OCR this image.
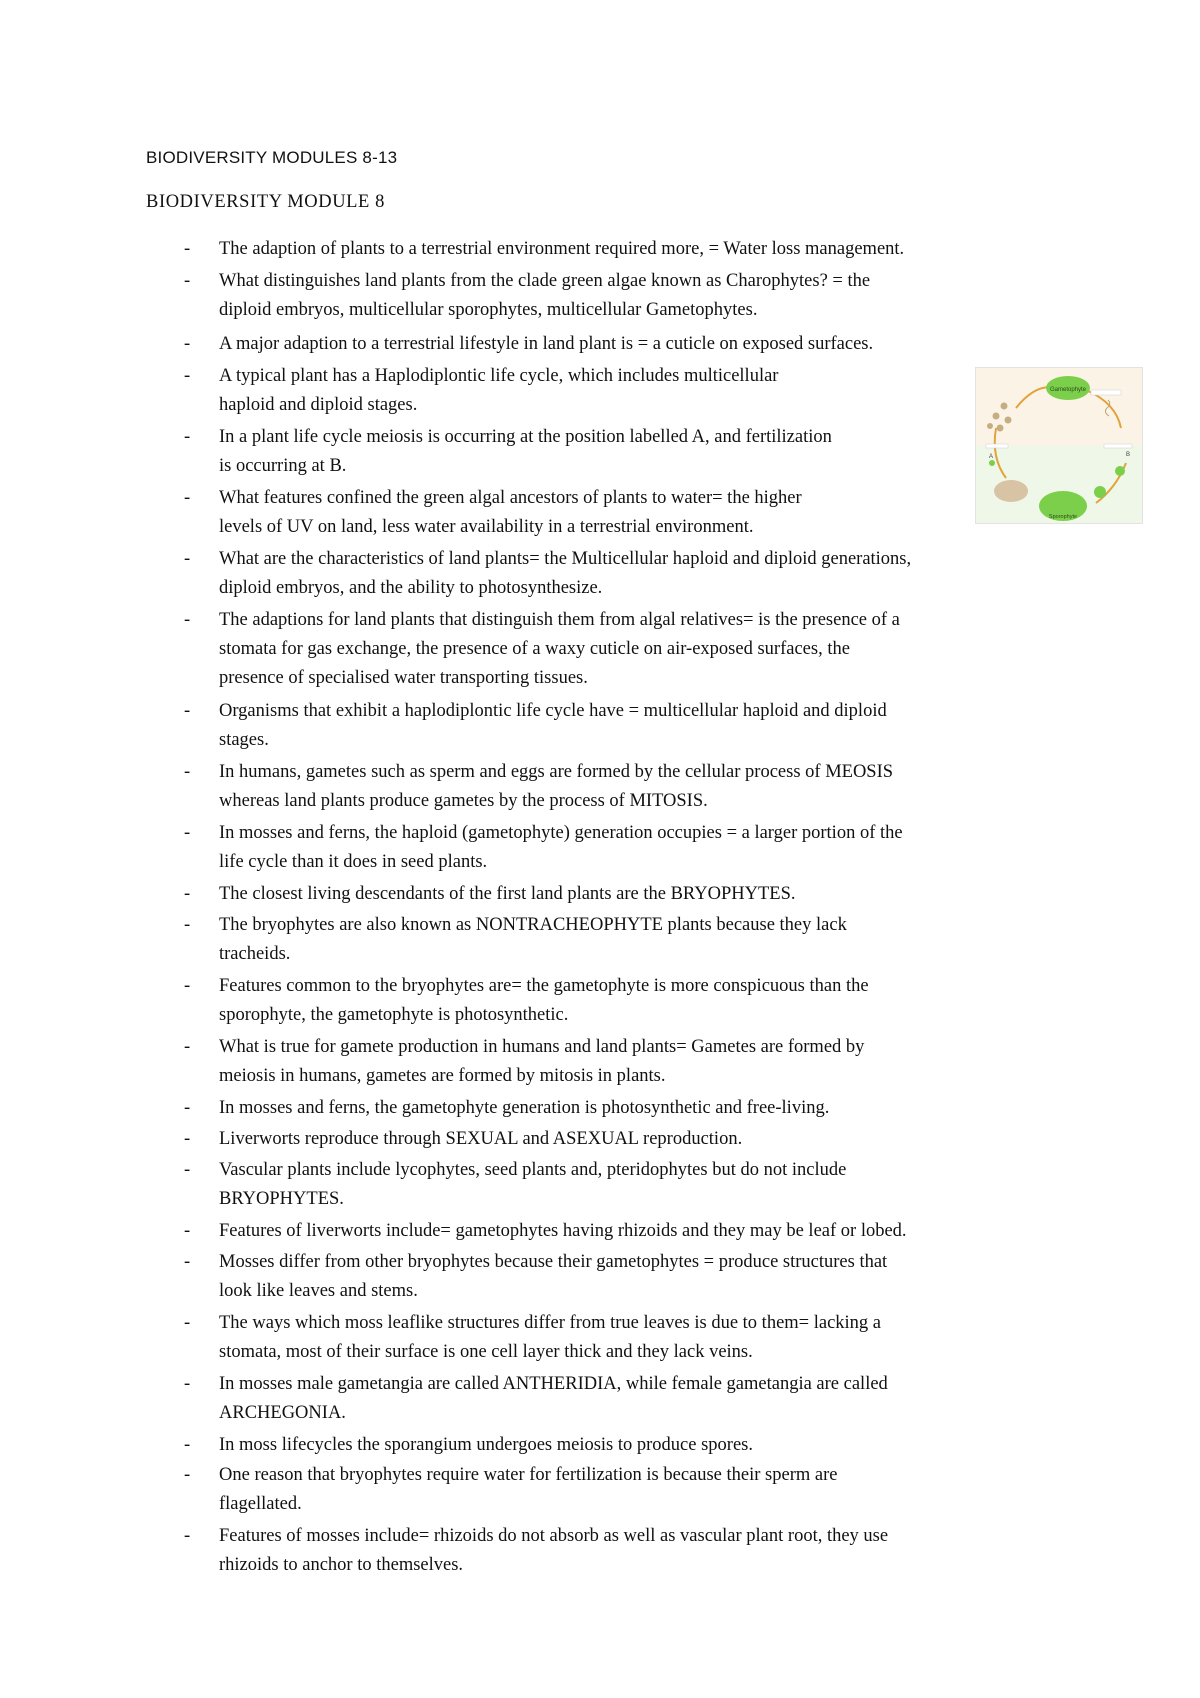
BIODIVERSITY MODULES 8-13
BIODIVERSITY MODULE 8
- The adaption of plants to a terrestrial environment required more, = Water loss management.
- What distinguishes land plants from the clade green algae known as Charophytes? = the
diploid embryos, multicellular sporophytes, multicellular Gametophytes.
- A major adaption to a terrestrial lifestyle in land plant is = a cuticle on exposed surfaces.
- A typical plant has a Haplodiplontic life cycle, which includes multicellular
haploid and diploid stages.
- In a plant life cycle meiosis is occurring at the position labelled A, and fertilization
is occurring at B.
- What features confined the green algal ancestors of plants to water= the higher
levels of UV on land, less water availability in a terrestrial environment.
- What are the characteristics of land plants= the Multicellular haploid and diploid generations,
diploid embryos, and the ability to photosynthesize.
- The adaptions for land plants that distinguish them from algal relatives= is the presence of a
stomata for gas exchange, the presence of a waxy cuticle on air-exposed surfaces, the
presence of specialised water transporting tissues.
- Organisms that exhibit a haplodiplontic life cycle have = multicellular haploid and diploid
stages.
- In humans, gametes such as sperm and eggs are formed by the cellular process of MEOSIS
whereas land plants produce gametes by the process of MITOSIS.
- In mosses and ferns, the haploid (gametophyte) generation occupies = a larger portion of the
life cycle than it does in seed plants.
- The closest living descendants of the first land plants are the BRYOPHYTES.
- The bryophytes are also known as NONTRACHEOPHYTE plants because they lack
tracheids.
- Features common to the bryophytes are= the gametophyte is more conspicuous than the
sporophyte, the gametophyte is photosynthetic.
- What is true for gamete production in humans and land plants= Gametes are formed by
meiosis in humans, gametes are formed by mitosis in plants.
- In mosses and ferns, the gametophyte generation is photosynthetic and free-living.
- Liverworts reproduce through SEXUAL and ASEXUAL reproduction.
- Vascular plants include lycophytes, seed plants and, pteridophytes but do not include
BRYOPHYTES.
- Features of liverworts include= gametophytes having rhizoids and they may be leaf or lobed.
- Mosses differ from other bryophytes because their gametophytes = produce structures that
look like leaves and stems.
- The ways which moss leaflike structures differ from true leaves is due to them= lacking a
stomata, most of their surface is one cell layer thick and they lack veins.
- In mosses male gametangia are called ANTHERIDIA, while female gametangia are called
ARCHEGONIA.
- In moss lifecycles the sporangium undergoes meiosis to produce spores.
- One reason that bryophytes require water for fertilization is because their sperm are
flagellated.
- Features of mosses include= rhizoids do not absorb as well as vascular plant root, they use
rhizoids to anchor to themselves.
Gametophyte
A	B
Sporophyte
